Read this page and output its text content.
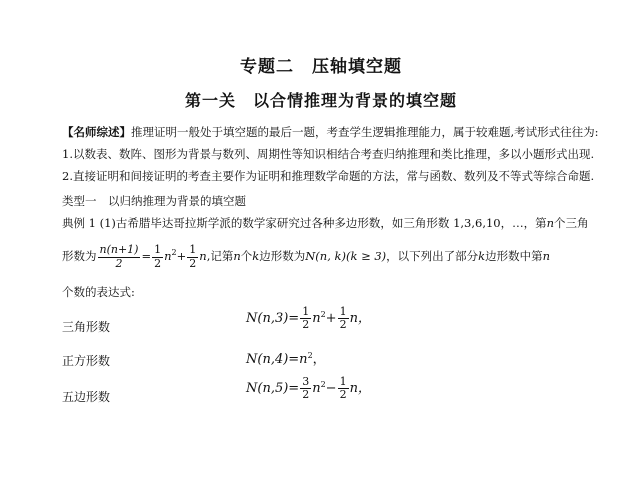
专题二　压轴填空题
第一关　以合情推理为背景的填空题
【名师综述】推理证明一般处于填空题的最后一题，考查学生逻辑推理能力，属于较难题,考试形式往往为:
1.以数表、数阵、图形为背景与数列、周期性等知识相结合考查归纳推理和类比推理，多以小题形式出现.
2.直接证明和间接证明的考查主要作为证明和推理数学命题的方法，常与函数、数列及不等式等综合命题.
类型一　以归纳推理为背景的填空题
典例 1 (1)古希腊毕达哥拉斯学派的数学家研究过各种多边形数，如三角形数 1,3,6,10，…，第n个三角
形数为 $\frac{n(n+1)}{2} = \frac{1}{2} n^2+ \frac{1}{2} n$,记第n个k边形数为N(n, k)(k ≥ 3)，以下列出了部分k边形数中第n
个数的表达式:
三角形数
$N(n,3)= \frac{1}{2} n^2+ \frac{1}{2}$ n，
正方形数	$N(n,4)=n^2$，
五边形数
$N(n,5)= \frac{3}{2} n^2- \frac{1}{2}$ n，
